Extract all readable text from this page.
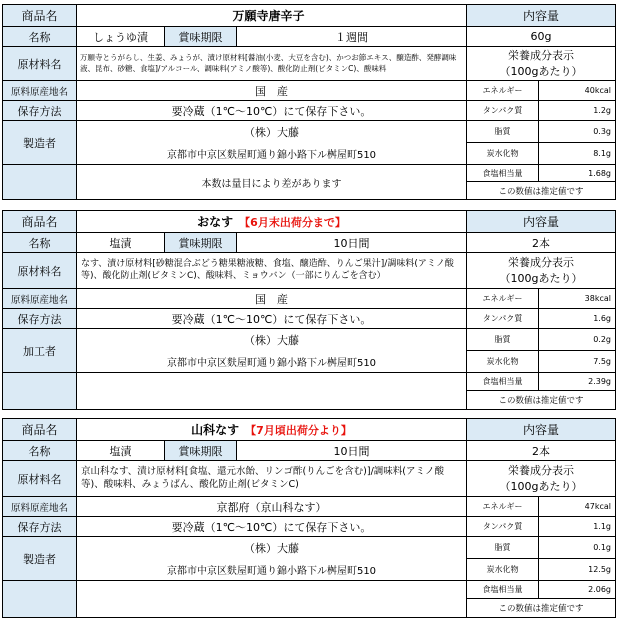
商品名	万願寺唐辛子	内容量
名称	しょうゆ漬	賞味期限	１週間	60g
原材料名	万願寺とうがらし、生姜、みょうが、漬け原材料[醤油(小麦、大豆を含む)、かつお節エキス、醸造酢、発酵調味液、昆布、砂糖、食塩]/アルコール、調味料(アミノ酸等)、酸化防止剤(ビタミンC)、酸味料
栄養成分表示
（100gあたり）
原料原産地名	国　産	エネルギー	40kcal
保存方法	要冷蔵（1℃～10℃）にて保存下さい。	タンパク質	1.2g
製造者
（株）大藤	脂質	0.3g
京都市中京区麩屋町通り錦小路下ル桝屋町510	炭水化物	8.1g
本数は量目により差があります
食塩相当量	1.68g
この数値は推定値です
商品名	おなす 【6月末出荷分まで】	内容量
名称	塩漬	賞味期限	10日間	2本
原材料名
なす、漬け原材料[砂糖混合ぶどう糖果糖液糖、食塩、醸造酢、りんご果汁]/調味料(アミノ酸等)、酸化防止剤(ビタミンC)、酸味料、ミョウバン（一部にりんごを含む）
栄養成分表示
（100gあたり）
原料原産地名	国　産	エネルギー	38kcal
保存方法	要冷蔵（1℃～10℃）にて保存下さい。	タンパク質	1.6g
加工者
（株）大藤	脂質	0.2g
京都市中京区麩屋町通り錦小路下ル桝屋町510	炭水化物	7.5g
食塩相当量	2.39g
この数値は推定値です
商品名	山科なす 【7月頃出荷分より】	内容量
名称	塩漬	賞味期限	10日間	2本
原材料名
京山科なす、漬け原材料[食塩、還元水飴、リンゴ酢(りんごを含む)]/調味料(アミノ酸等)、酸味料、みょうばん、酸化防止剤(ビタミンC)
栄養成分表示
（100gあたり）
原料原産地名	京都府（京山科なす）	エネルギー	47kcal
保存方法	要冷蔵（1℃～10℃）にて保存下さい。	タンパク質	1.1g
製造者
（株）大藤	脂質	0.1g
京都市中京区麩屋町通り錦小路下ル桝屋町510	炭水化物	12.5g
食塩相当量	2.06g
この数値は推定値です
